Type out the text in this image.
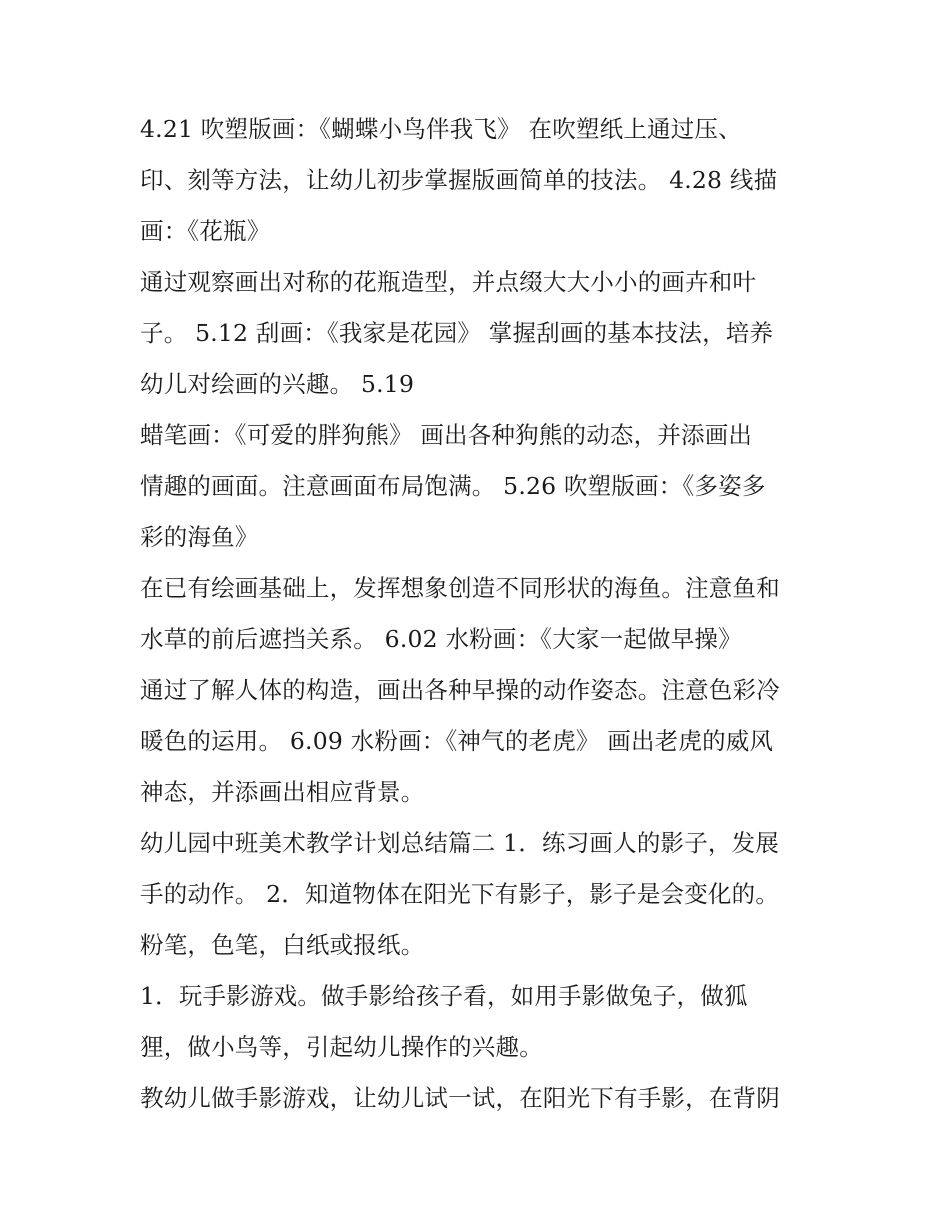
4.21 吹塑版画：《蝴蝶小鸟伴我飞》 在吹塑纸上通过压、
印、刻等方法，让幼儿初步掌握版画简单的技法。 4.28 线描
画：《花瓶》
通过观察画出对称的花瓶造型，并点缀大大小小的画卉和叶
子。 5.12 刮画：《我家是花园》 掌握刮画的基本技法，培养
幼儿对绘画的兴趣。 5.19
蜡笔画：《可爱的胖狗熊》 画出各种狗熊的动态，并添画出
情趣的画面。注意画面布局饱满。 5.26 吹塑版画：《多姿多
彩的海鱼》
在已有绘画基础上，发挥想象创造不同形状的海鱼。注意鱼和
水草的前后遮挡关系。 6.02 水粉画：《大家一起做早操》
通过了解人体的构造，画出各种早操的动作姿态。注意色彩冷
暖色的运用。 6.09 水粉画：《神气的老虎》 画出老虎的威风
神态，并添画出相应背景。
幼儿园中班美术教学计划总结篇二 1．练习画人的影子，发展
手的动作。 2．知道物体在阳光下有影子，影子是会变化的。
粉笔，色笔，白纸或报纸。
1．玩手影游戏。做手影给孩子看，如用手影做兔子，做狐
狸，做小鸟等，引起幼儿操作的兴趣。
教幼儿做手影游戏，让幼儿试一试，在阳光下有手影，在背阴
